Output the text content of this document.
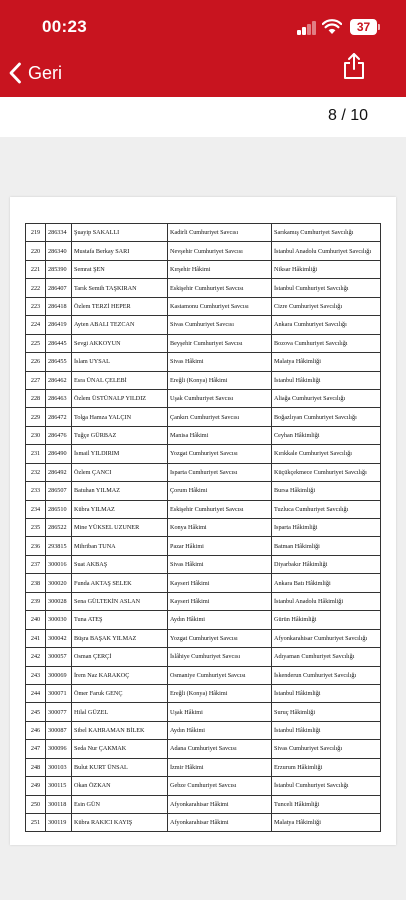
00:23	37
Geri
8 / 10
219	286334	Şuayip SAKALLI	Kadirli Cumhuriyet Savcısı	Sarıkamış Cumhuriyet Savcılığı
220	286340	Mustafa Berkay SARI	Nevşehir Cumhuriyet Savcısı	İstanbul Anadolu Cumhuriyet Savcılığı
221	285390	Semrat ŞEN	Kırşehir Hâkimi	Niksar Hâkimliği
222	286407	Tarık Semih TAŞKIRAN	Eskişehir Cumhuriyet Savcısı	İstanbul Cumhuriyet Savcılığı
223	286418	Özlem TERZİ HEPER	Kastamonu Cumhuriyet Savcısı	Cizre Cumhuriyet Savcılığı
224	286419	Ayten ABALI TEZCAN	Sivas Cumhuriyet Savcısı	Ankara Cumhuriyet Savcılığı
225	286445	Sevgi AKKOYUN	Beyşehir Cumhuriyet Savcısı	Bozova Cumhuriyet Savcılığı
226	286455	İslam UYSAL	Sivas Hâkimi	Malatya Hâkimliği
227	286462	Esra ÜNAL ÇELEBİ	Ereğli (Konya) Hâkimi	İstanbul Hâkimliği
228	286463	Özlem ÜSTÜNALP YILDIZ	Uşak Cumhuriyet Savcısı	Aliağa Cumhuriyet Savcılığı
229	286472	Tolga Hamza YALÇIN	Çankırı Cumhuriyet Savcısı	Boğazlıyan Cumhuriyet Savcılığı
230	286476	Tuğçe GÜRBAZ	Manisa Hâkimi	Ceyhan Hâkimliği
231	286490	İsmail YILDIRIM	Yozgat Cumhuriyet Savcısı	Kırıkkale Cumhuriyet Savcılığı
232	286492	Özlem ÇANCI	Isparta Cumhuriyet Savcısı	Küçükçekmece Cumhuriyet Savcılığı
233	286507	Batuhan YILMAZ	Çorum Hâkimi	Bursa Hâkimliği
234	286510	Kübra YILMAZ	Eskişehir Cumhuriyet Savcısı	Tuzluca Cumhuriyet Savcılığı
235	286522	Mine YÜKSEL UZUNER	Konya Hâkimi	Isparta Hâkimliği
236	293815	Mihriban TUNA	Pazar Hâkimi	Batman Hâkimliği
237	300016	Suat AKBAŞ	Sivas Hâkimi	Diyarbakır Hâkimliği
238	300020	Funda AKTAŞ SELEK	Kayseri Hâkimi	Ankara Batı Hâkimliği
239	300028	Sena GÜLTEKİN ASLAN	Kayseri Hâkimi	İstanbul Anadolu Hâkimliği
240	300030	Tuna ATEŞ	Aydın Hâkimi	Gürün Hâkimliği
241	300042	Büşra BAŞAK YILMAZ	Yozgat Cumhuriyet Savcısı	Afyonkarahisar Cumhuriyet Savcılığı
242	300057	Osman ÇERÇİ	İslâhiye Cumhuriyet Savcısı	Adıyaman Cumhuriyet Savcılığı
243	300069	İrem Naz KARAKOÇ	Osmaniye Cumhuriyet Savcısı	İskenderun Cumhuriyet Savcılığı
244	300071	Ömer Faruk GENÇ	Ereğli (Konya) Hâkimi	İstanbul Hâkimliği
245	300077	Hilal GÜZEL	Uşak Hâkimi	Suruç Hâkimliği
246	300087	Sibel KAHRAMAN BİLEK	Aydın Hâkimi	İstanbul Hâkimliği
247	300096	Seda Nur ÇAKMAK	Adana Cumhuriyet Savcısı	Sivas Cumhuriyet Savcılığı
248	300103	Bulut KURT ÜNSAL	İzmir Hâkimi	Erzurum Hâkimliği
249	300115	Okan ÖZKAN	Gebze Cumhuriyet Savcısı	İstanbul Cumhuriyet Savcılığı
250	300118	Esin GÜN	Afyonkarahisar Hâkimi	Tunceli Hâkimliği
251	300119	Kübra RAKICI KAYIŞ	Afyonkarahisar Hâkimi	Malatya Hâkimliği
